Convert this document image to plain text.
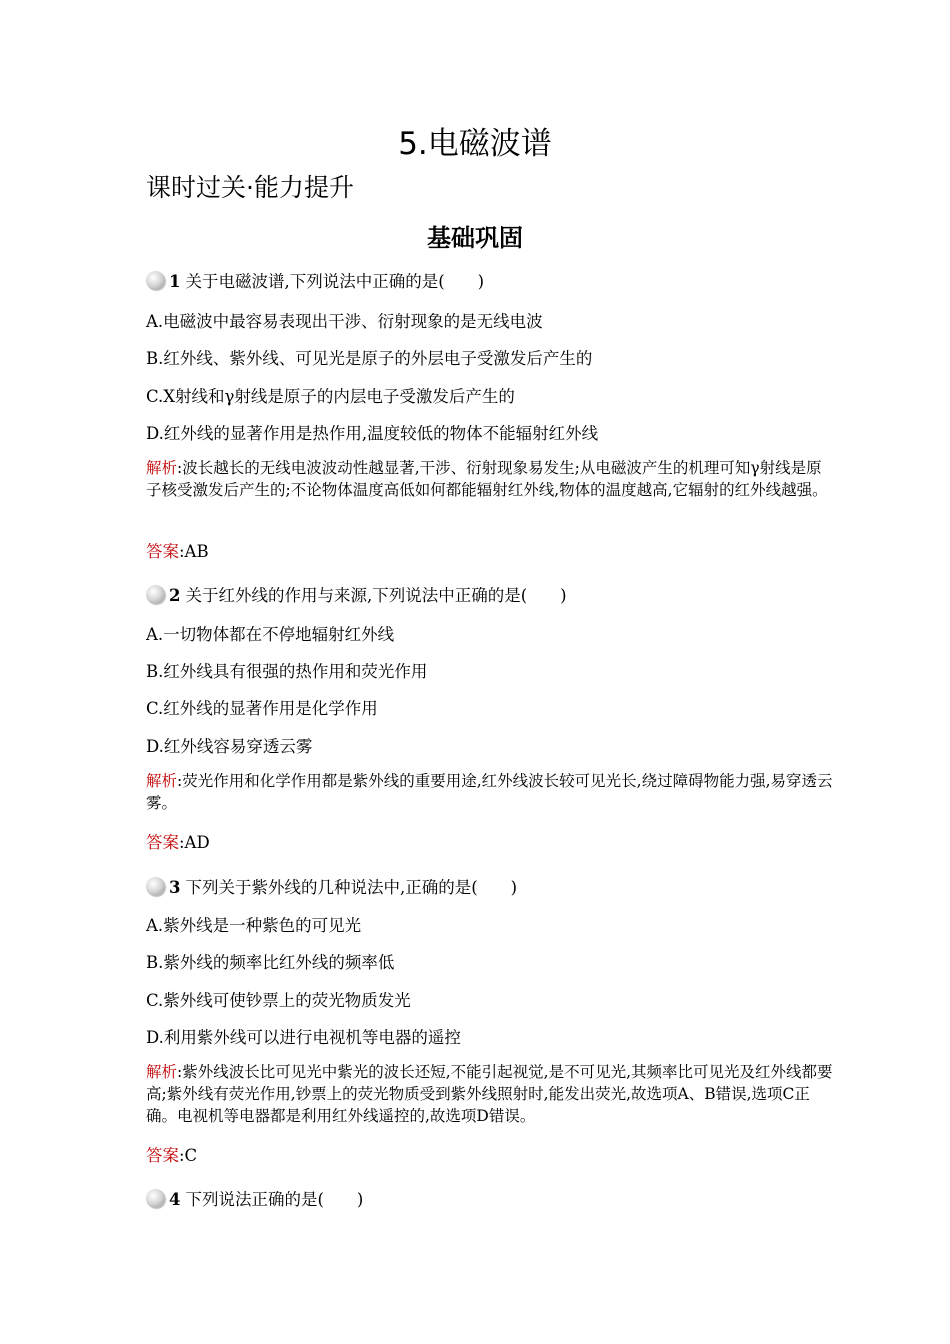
5.电磁波谱
课时过关·能力提升
基础巩固
1 关于电磁波谱,下列说法中正确的是(　　)
A.电磁波中最容易表现出干涉、衍射现象的是无线电波
B.红外线、紫外线、可见光是原子的外层电子受激发后产生的
C.X射线和γ射线是原子的内层电子受激发后产生的
D.红外线的显著作用是热作用,温度较低的物体不能辐射红外线
解析:波长越长的无线电波波动性越显著,干涉、衍射现象易发生;从电磁波产生的机理可知γ射线是原子核受激发后产生的;不论物体温度高低如何都能辐射红外线,物体的温度越高,它辐射的红外线越强。
答案:AB
2 关于红外线的作用与来源,下列说法中正确的是(　　)
A.一切物体都在不停地辐射红外线
B.红外线具有很强的热作用和荧光作用
C.红外线的显著作用是化学作用
D.红外线容易穿透云雾
解析:荧光作用和化学作用都是紫外线的重要用途,红外线波长较可见光长,绕过障碍物能力强,易穿透云雾。
答案:AD
3 下列关于紫外线的几种说法中,正确的是(　　)
A.紫外线是一种紫色的可见光
B.紫外线的频率比红外线的频率低
C.紫外线可使钞票上的荧光物质发光
D.利用紫外线可以进行电视机等电器的遥控
解析:紫外线波长比可见光中紫光的波长还短,不能引起视觉,是不可见光,其频率比可见光及红外线都要高;紫外线有荧光作用,钞票上的荧光物质受到紫外线照射时,能发出荧光,故选项A、B错误,选项C正确。电视机等电器都是利用红外线遥控的,故选项D错误。
答案:C
4 下列说法正确的是(　　)
